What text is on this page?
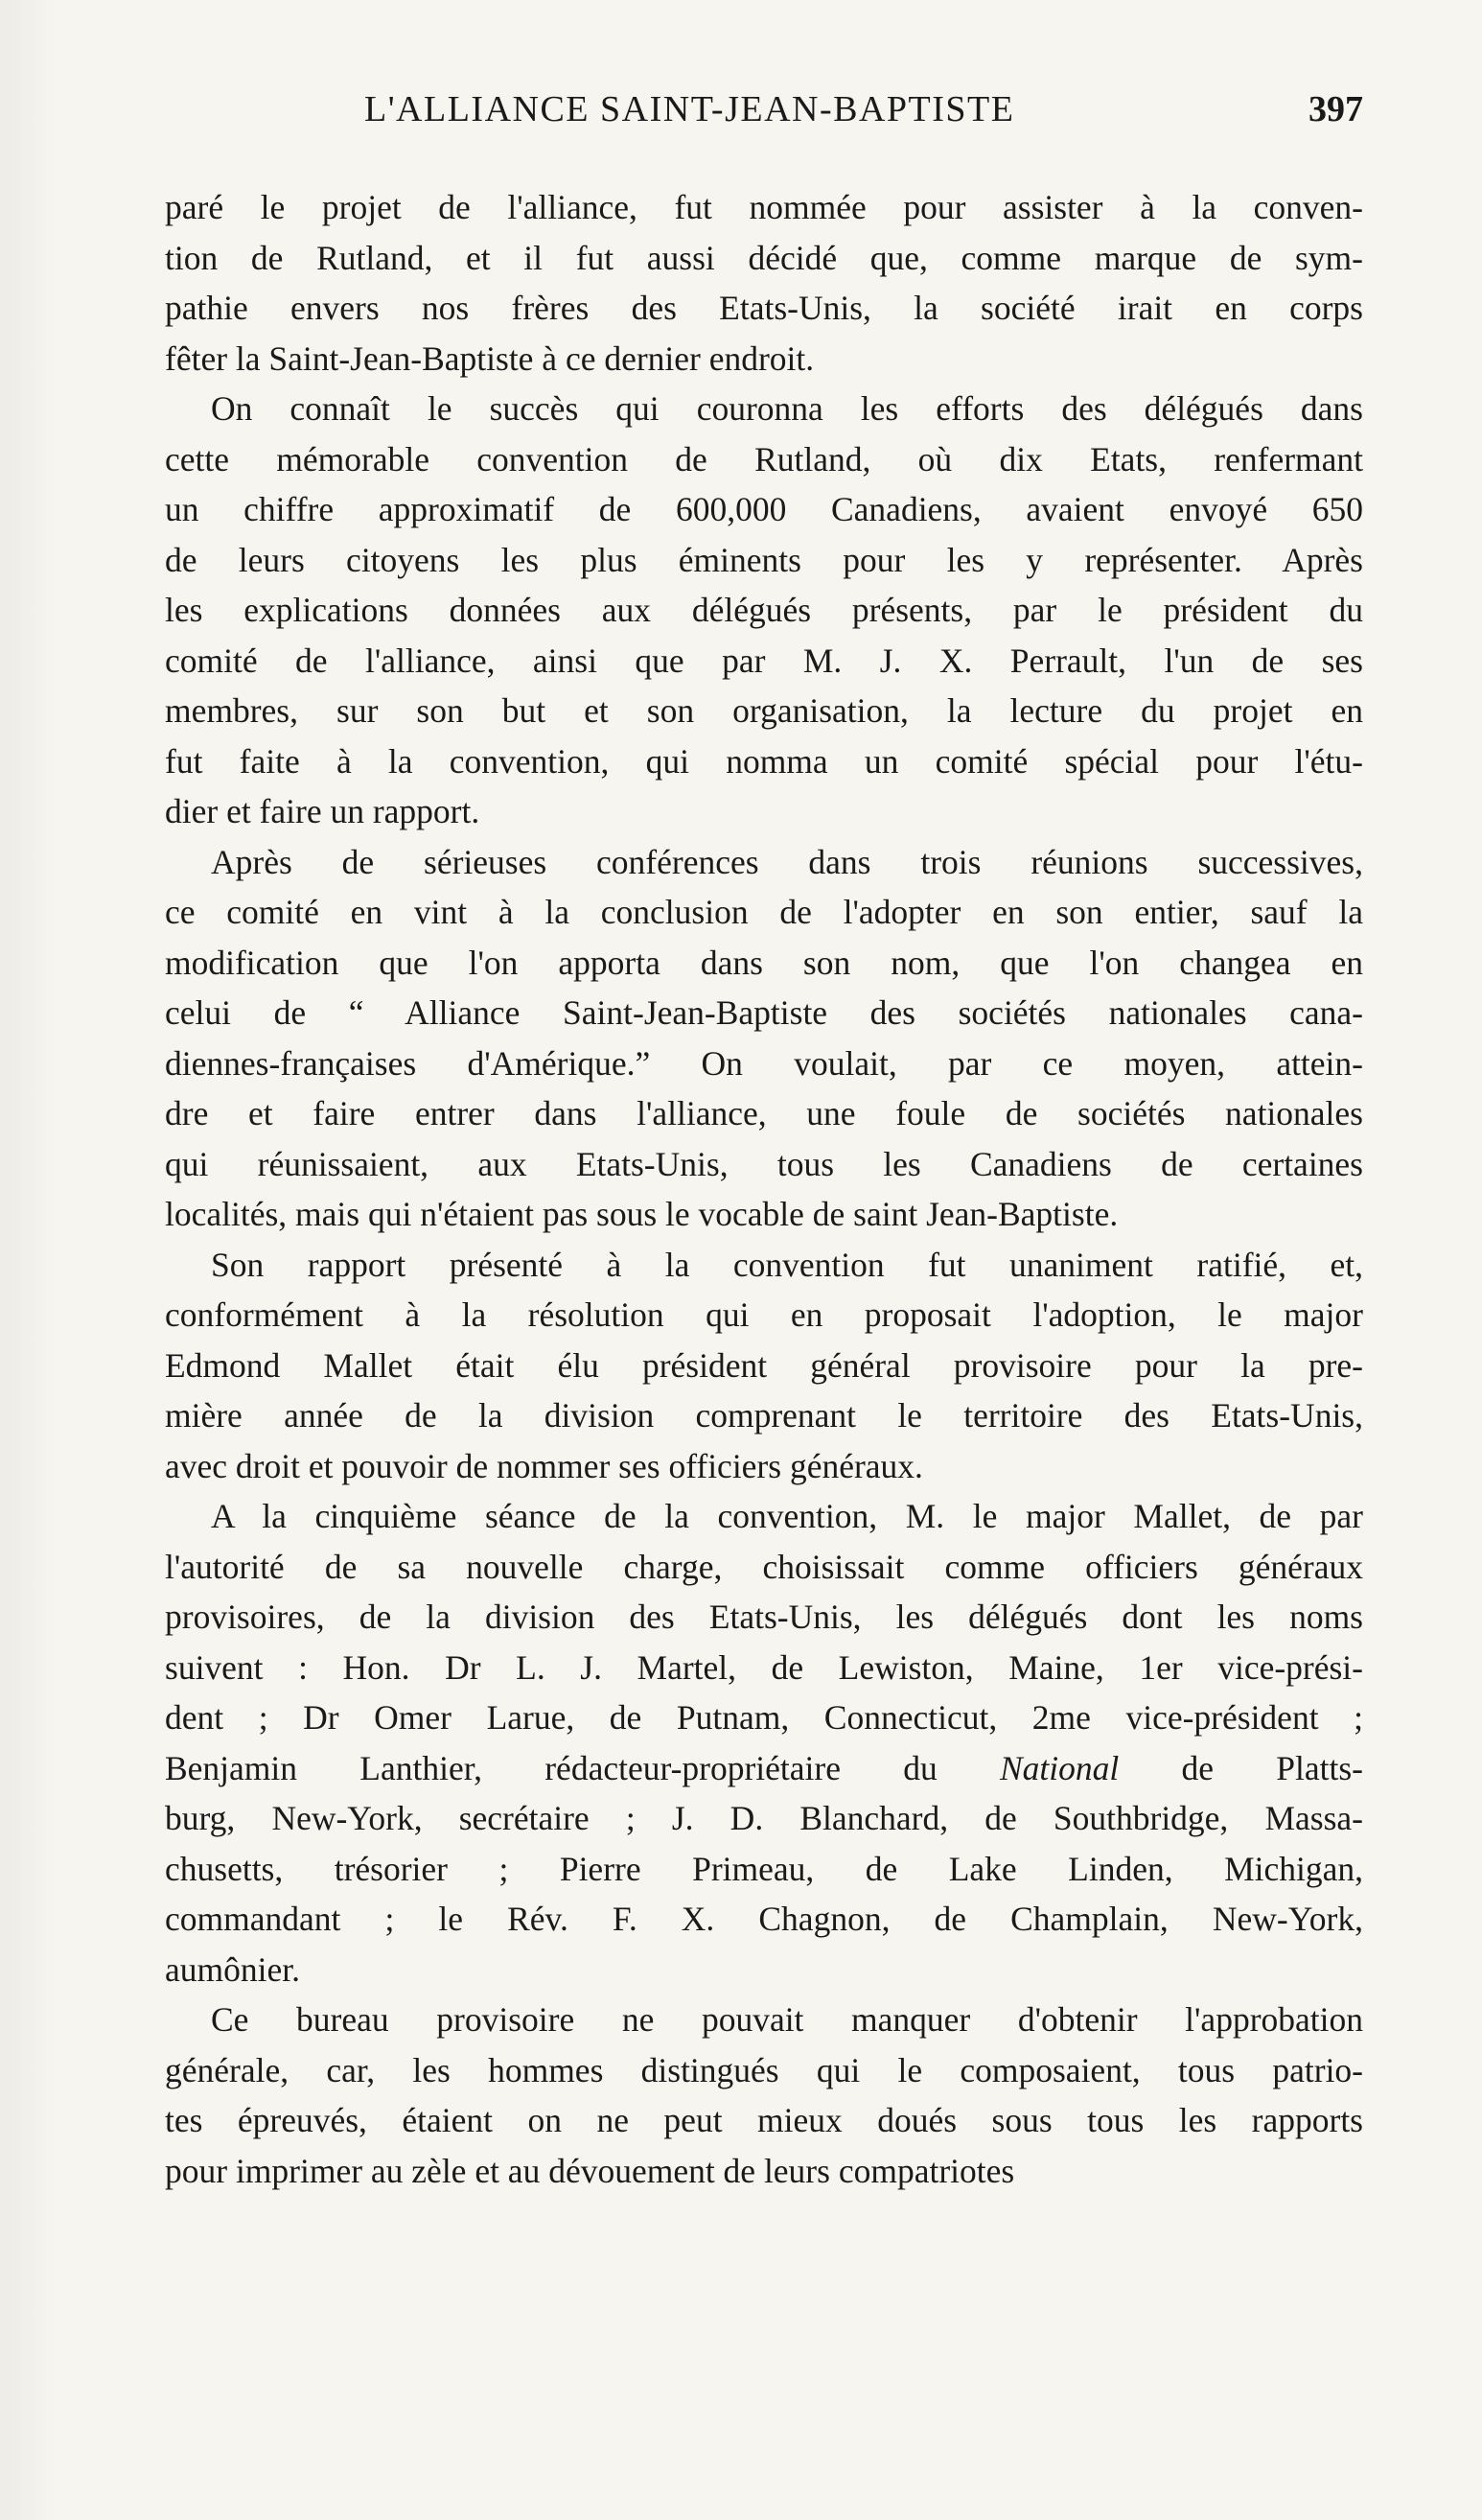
L'ALLIANCE SAINT-JEAN-BAPTISTE	397

paré le projet de l'alliance, fut nommée pour assister à la conven-
tion de Rutland, et il fut aussi décidé que, comme marque de sym-
pathie envers nos frères des Etats-Unis, la société irait en corps
fêter la Saint-Jean-Baptiste à ce dernier endroit.

On connaît le succès qui couronna les efforts des délégués dans
cette mémorable convention de Rutland, où dix Etats, renfermant
un chiffre approximatif de 600,000 Canadiens, avaient envoyé 650
de leurs citoyens les plus éminents pour les y représenter. Après
les explications données aux délégués présents, par le président du
comité de l'alliance, ainsi que par M. J. X. Perrault, l'un de ses
membres, sur son but et son organisation, la lecture du projet en
fut faite à la convention, qui nomma un comité spécial pour l'étu-
dier et faire un rapport.

Après de sérieuses conférences dans trois réunions successives,
ce comité en vint à la conclusion de l'adopter en son entier, sauf la
modification que l'on apporta dans son nom, que l'on changea en
celui de “ Alliance Saint-Jean-Baptiste des sociétés nationales cana-
diennes-françaises d'Amérique.” On voulait, par ce moyen, attein-
dre et faire entrer dans l'alliance, une foule de sociétés nationales
qui réunissaient, aux Etats-Unis, tous les Canadiens de certaines
localités, mais qui n'étaient pas sous le vocable de saint Jean-Baptiste.

Son rapport présenté à la convention fut unaniment ratifié, et,
conformément à la résolution qui en proposait l'adoption, le major
Edmond Mallet était élu président général provisoire pour la pre-
mière année de la division comprenant le territoire des Etats-Unis,
avec droit et pouvoir de nommer ses officiers généraux.

A la cinquième séance de la convention, M. le major Mallet, de par
l'autorité de sa nouvelle charge, choisissait comme officiers généraux
provisoires, de la division des Etats-Unis, les délégués dont les noms
suivent : Hon. Dr L. J. Martel, de Lewiston, Maine, 1er vice-prési-
dent ; Dr Omer Larue, de Putnam, Connecticut, 2me vice-président ;
Benjamin Lanthier, rédacteur-propriétaire du National de Platts-
burg, New-York, secrétaire ; J. D. Blanchard, de Southbridge, Massa-
chusetts, trésorier ; Pierre Primeau, de Lake Linden, Michigan,
commandant ; le Rév. F. X. Chagnon, de Champlain, New-York,
aumônier.

Ce bureau provisoire ne pouvait manquer d'obtenir l'approbation
générale, car, les hommes distingués qui le composaient, tous patrio-
tes épreuvés, étaient on ne peut mieux doués sous tous les rapports
pour imprimer au zèle et au dévouement de leurs compatriotes
